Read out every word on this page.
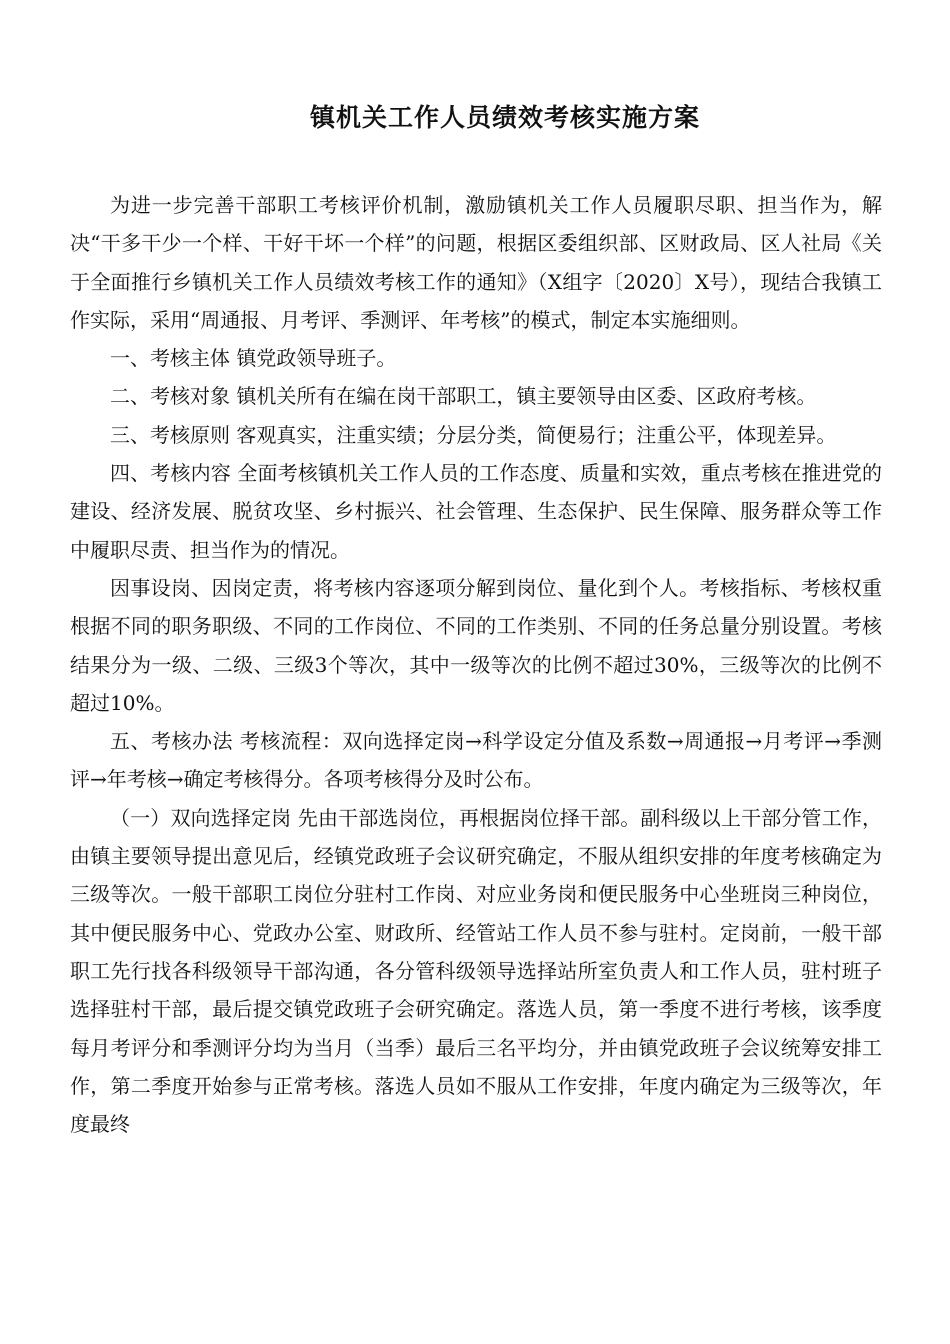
镇机关工作人员绩效考核实施方案

为进一步完善干部职工考核评价机制，激励镇机关工作人员履职尽职、担当作为，解决“干多干少一个样、干好干坏一个样”的问题，根据区委组织部、区财政局、区人社局《关于全面推行乡镇机关工作人员绩效考核工作的通知》（X组字〔2020〕X号），现结合我镇工作实际，采用“周通报、月考评、季测评、年考核”的模式，制定本实施细则。

一、考核主体 镇党政领导班子。

二、考核对象 镇机关所有在编在岗干部职工，镇主要领导由区委、区政府考核。

三、考核原则 客观真实，注重实绩；分层分类，简便易行；注重公平，体现差异。

四、考核内容 全面考核镇机关工作人员的工作态度、质量和实效，重点考核在推进党的建设、经济发展、脱贫攻坚、乡村振兴、社会管理、生态保护、民生保障、服务群众等工作中履职尽责、担当作为的情况。

因事设岗、因岗定责，将考核内容逐项分解到岗位、量化到个人。考核指标、考核权重根据不同的职务职级、不同的工作岗位、不同的工作类别、不同的任务总量分别设置。考核结果分为一级、二级、三级3个等次，其中一级等次的比例不超过30%，三级等次的比例不超过10%。

五、考核办法 考核流程：双向选择定岗→科学设定分值及系数→周通报→月考评→季测评→年考核→确定考核得分。各项考核得分及时公布。

（一）双向选择定岗 先由干部选岗位，再根据岗位择干部。副科级以上干部分管工作，由镇主要领导提出意见后，经镇党政班子会议研究确定，不服从组织安排的年度考核确定为三级等次。一般干部职工岗位分驻村工作岗、对应业务岗和便民服务中心坐班岗三种岗位，其中便民服务中心、党政办公室、财政所、经管站工作人员不参与驻村。定岗前，一般干部职工先行找各科级领导干部沟通，各分管科级领导选择站所室负责人和工作人员，驻村班子选择驻村干部，最后提交镇党政班子会研究确定。落选人员，第一季度不进行考核，该季度每月考评分和季测评分均为当月（当季）最后三名平均分，并由镇党政班子会议统筹安排工作，第二季度开始参与正常考核。落选人员如不服从工作安排，年度内确定为三级等次，年度最终
